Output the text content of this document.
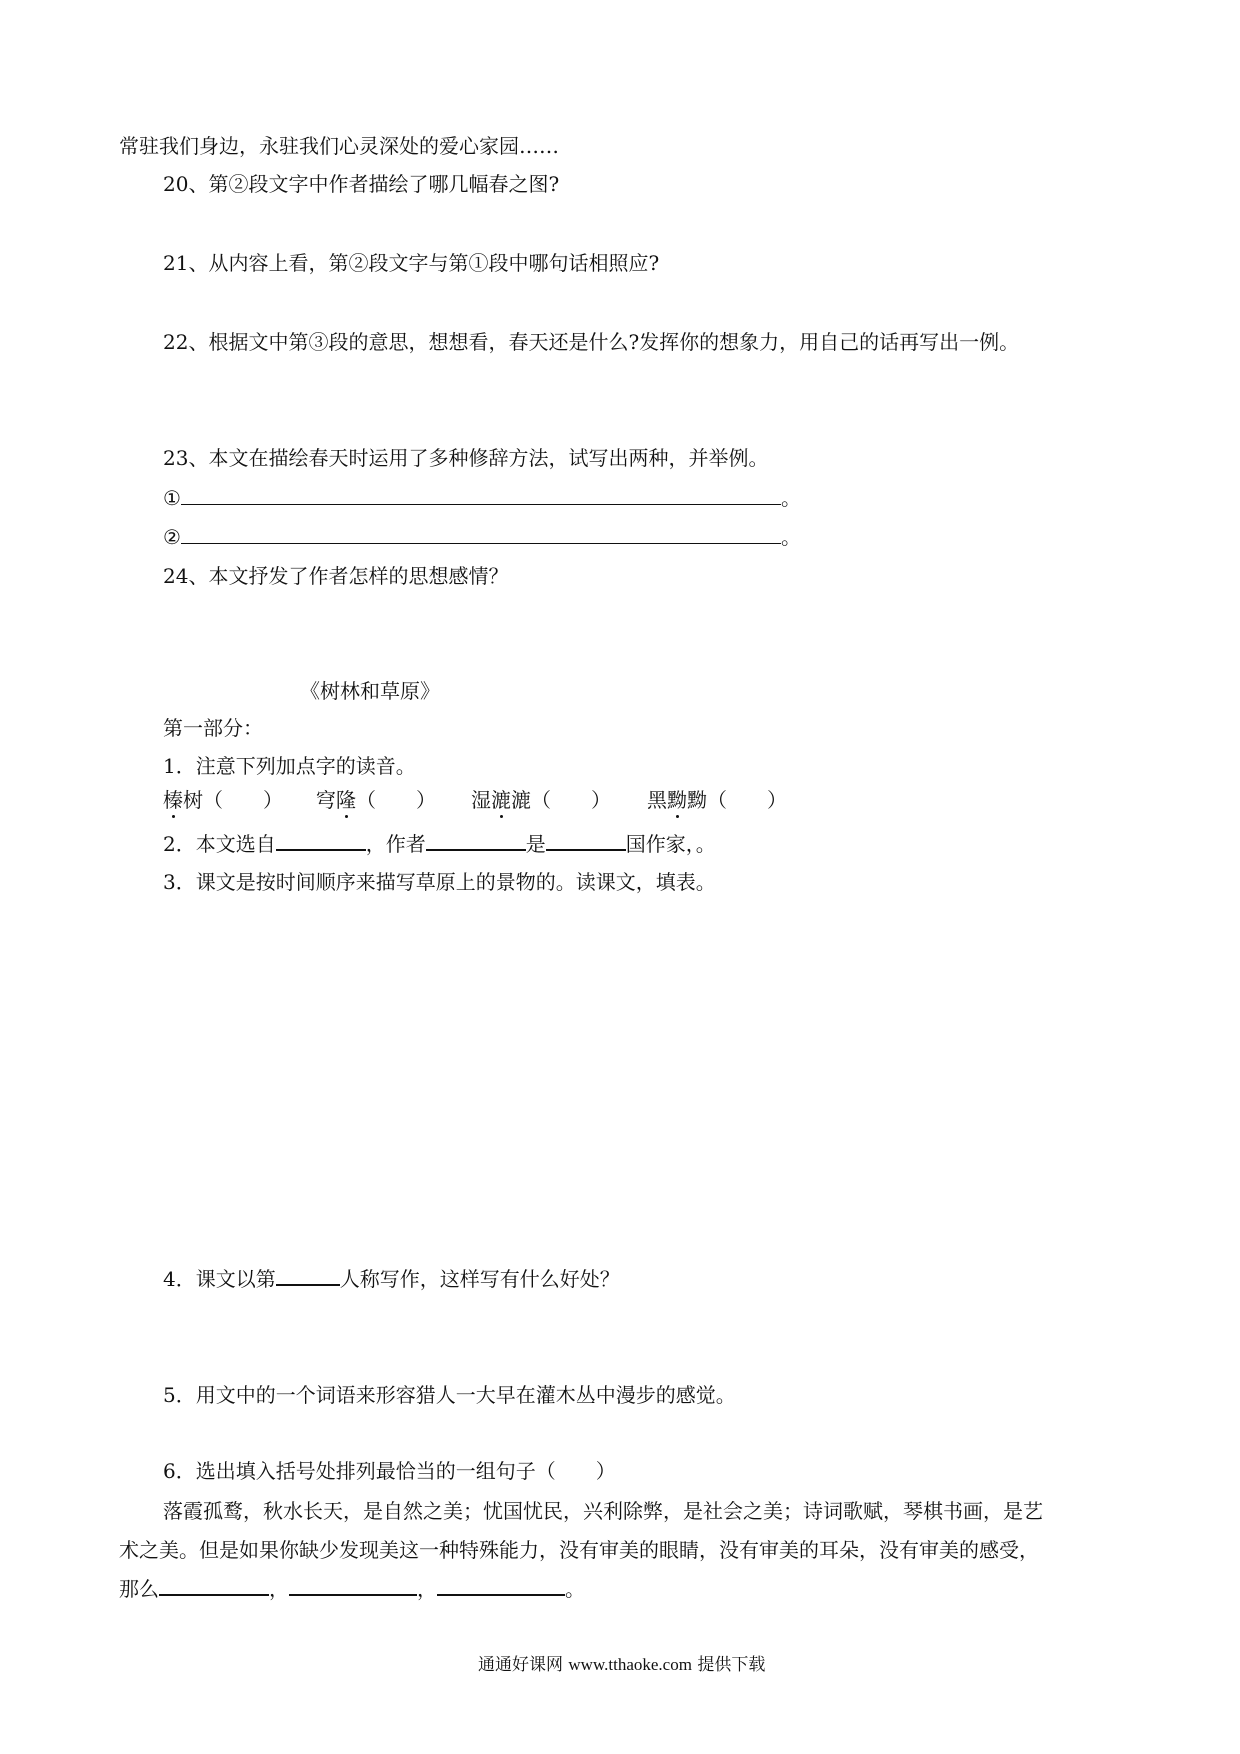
常驻我们身边，永驻我们心灵深处的爱心家园……
20、第②段文字中作者描绘了哪几幅春之图?
21、从内容上看，第②段文字与第①段中哪句话相照应?
22、根据文中第③段的意思，想想看，春天还是什么?发挥你的想象力，用自己的话再写出一例。
23、本文在描绘春天时运用了多种修辞方法，试写出两种，并举例。
①	。
②	。
24、本文抒发了作者怎样的思想感情？
《树林和草原》
第一部分：
1．注意下列加点字的读音。
榛树（　　） 穹隆（　　） 湿漉漉（　　） 黑黝黝（　　）
2．本文选自	，作者	是	国作家，。
3．课文是按时间顺序来描写草原上的景物的。读课文，填表。
4．课文以第	人称写作，这样写有什么好处？
5．用文中的一个词语来形容猎人一大早在灌木丛中漫步的感觉。
6．选出填入括号处排列最恰当的一组句子（　　）
落霞孤鹜，秋水长天，是自然之美；忧国忧民，兴利除弊，是社会之美；诗词歌赋，琴棋书画，是艺
术之美。但是如果你缺少发现美这一种特殊能力，没有审美的眼睛，没有审美的耳朵，没有审美的感受，
那么	，	，	。
通通好课网 www.tthaoke.com 提供下载
